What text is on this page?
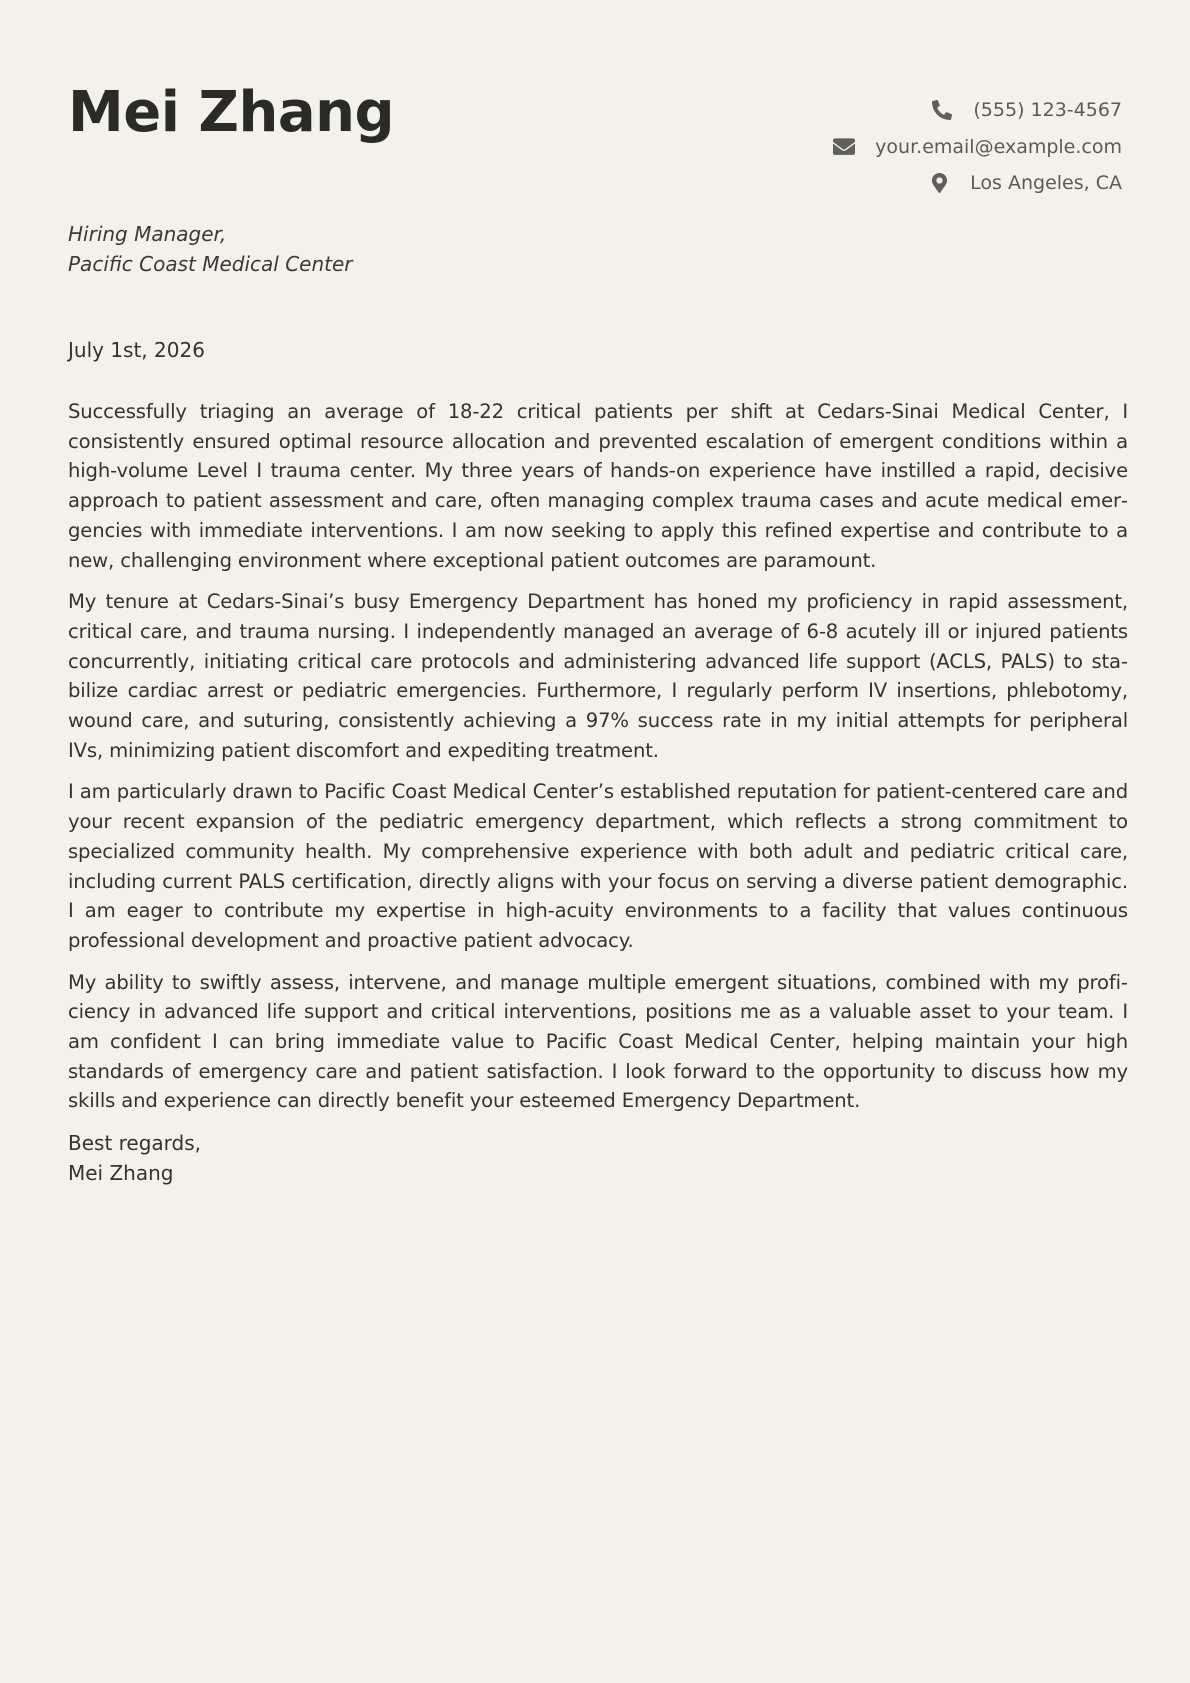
Mei Zhang	(555) 123-4567
your.email@example.com
Los Angeles, CA
Hiring Manager,
Pacific Coast Medical Center
July 1st, 2026

Successfully triaging an average of 18-22 critical patients per shift at Cedars-Sinai Medical Center, I consistently ensured optimal resource allocation and prevented escalation of emergent conditions within a high-volume Level I trauma center. My three years of hands-on experience have instilled a rapid, decisive approach to patient assessment and care, often managing complex trauma cases and acute medical emergencies with immediate interventions. I am now seeking to apply this refined expertise and contribute to a new, challenging environment where exceptional patient outcomes are paramount.

My tenure at Cedars-Sinai’s busy Emergency Department has honed my proficiency in rapid assessment, critical care, and trauma nursing. I independently managed an average of 6-8 acutely ill or injured patients concurrently, initiating critical care protocols and administering advanced life support (ACLS, PALS) to stabilize cardiac arrest or pediatric emergencies. Furthermore, I regularly perform IV insertions, phlebotomy, wound care, and suturing, consistently achieving a 97% success rate in my initial attempts for peripheral IVs, minimizing patient discomfort and expediting treatment.

I am particularly drawn to Pacific Coast Medical Center’s established reputation for patient-centered care and your recent expansion of the pediatric emergency department, which reflects a strong commitment to specialized community health. My comprehensive experience with both adult and pediatric critical care, including current PALS certification, directly aligns with your focus on serving a diverse patient demographic. I am eager to contribute my expertise in high-acuity environments to a facility that values continuous professional development and proactive patient advocacy.

My ability to swiftly assess, intervene, and manage multiple emergent situations, combined with my proficiency in advanced life support and critical interventions, positions me as a valuable asset to your team. I am confident I can bring immediate value to Pacific Coast Medical Center, helping maintain your high standards of emergency care and patient satisfaction. I look forward to the opportunity to discuss how my skills and experience can directly benefit your esteemed Emergency Department.

Best regards,
Mei Zhang
